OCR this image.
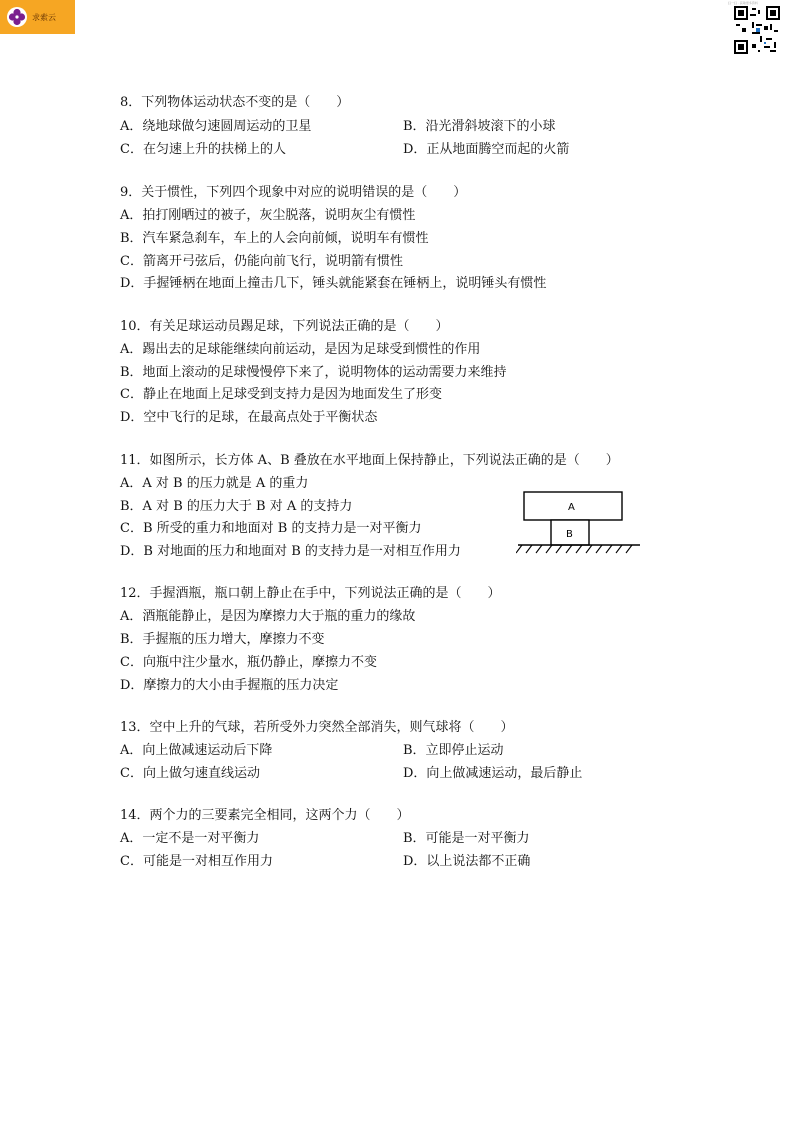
求索云
扫一扫 · 获取更多资料
8．下列物体运动状态不变的是（　　）
A．绕地球做匀速圆周运动的卫星	B．沿光滑斜坡滚下的小球
C．在匀速上升的扶梯上的人	D．正从地面腾空而起的火箭
9．关于惯性，下列四个现象中对应的说明错误的是（　　）
A．拍打刚晒过的被子，灰尘脱落，说明灰尘有惯性
B．汽车紧急刹车，车上的人会向前倾，说明车有惯性
C．箭离开弓弦后，仍能向前飞行，说明箭有惯性
D．手握锤柄在地面上撞击几下，锤头就能紧套在锤柄上，说明锤头有惯性
10．有关足球运动员踢足球，下列说法正确的是（　　）
A．踢出去的足球能继续向前运动，是因为足球受到惯性的作用
B．地面上滚动的足球慢慢停下来了，说明物体的运动需要力来维持
C．静止在地面上足球受到支持力是因为地面发生了形变
D．空中飞行的足球，在最高点处于平衡状态
11．如图所示，长方体 A、B 叠放在水平地面上保持静止，下列说法正确的是（　　）
A．A 对 B 的压力就是 A 的重力
B．A 对 B 的压力大于 B 对 A 的支持力
C．B 所受的重力和地面对 B 的支持力是一对平衡力
D．B 对地面的压力和地面对 B 的支持力是一对相互作用力
A
B
12．手握酒瓶，瓶口朝上静止在手中，下列说法正确的是（　　）
A．酒瓶能静止，是因为摩擦力大于瓶的重力的缘故
B．手握瓶的压力增大，摩擦力不变
C．向瓶中注少量水，瓶仍静止，摩擦力不变
D．摩擦力的大小由手握瓶的压力决定
13．空中上升的气球，若所受外力突然全部消失，则气球将（　　）
A．向上做减速运动后下降	B．立即停止运动
C．向上做匀速直线运动	D．向上做减速运动，最后静止
14．两个力的三要素完全相同，这两个力（　　）
A．一定不是一对平衡力	B．可能是一对平衡力
C．可能是一对相互作用力	D．以上说法都不正确
